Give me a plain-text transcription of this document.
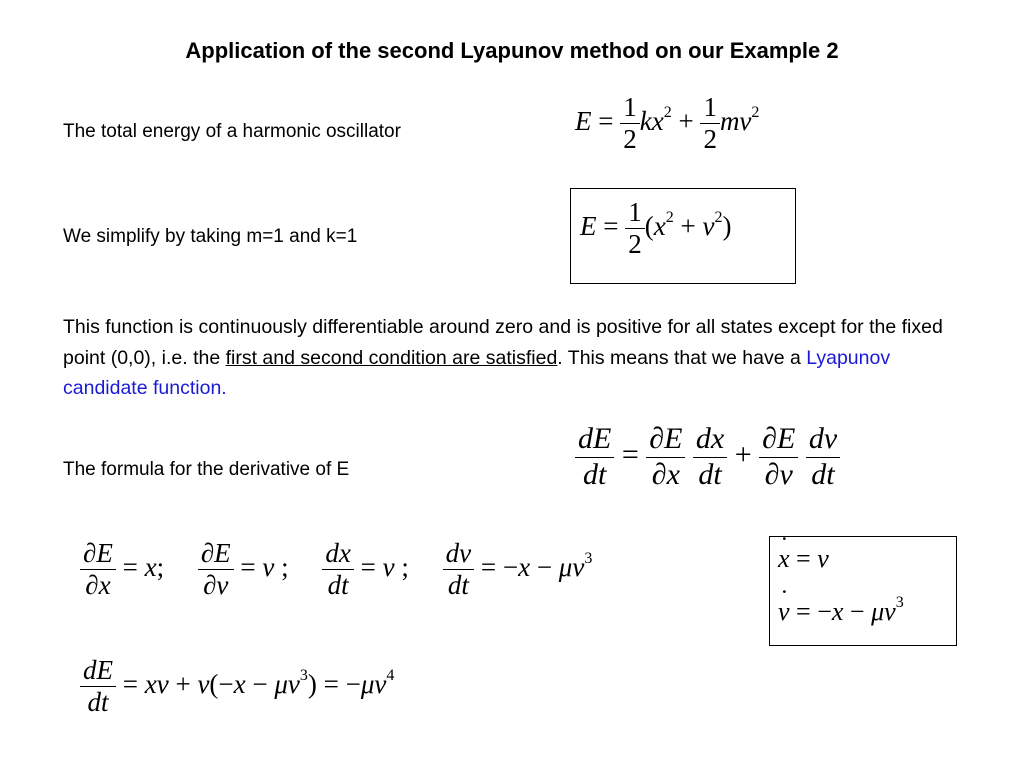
Application of the second Lyapunov method on our Example 2
The total energy of a harmonic oscillator	$E = \frac{1}{2} kx^2 + \frac{1}{2} mv^2$
We simplify by taking m=1 and k=1	$E = \frac{1}{2} (x^2 + v^2)$
This function is continuously differentiable around zero and is positive for all states except for the fixed point (0,0), i.e. the first and second condition are satisfied. This means that we have a Lyapunov candidate function.
The formula for the derivative of E	$\frac{dE}{dt} = \frac{\partial E}{\partial x}$
$\frac{dx}{dt} + \frac{\partial E}{\partial v}$
$\frac{dv}{dt}$
$\frac{\partial E}{\partial x} = x$; $\frac{\partial E}{\partial v} = v$ ; $\frac{dx}{dt} = v$ ; $\frac{dv}{dt} = -x - \mu v^3$	x ˙ = v
v ˙ = $-x - \mu v^3$
$\frac{dE}{dt}$ = xv + $v(-x - \mu v^3) = -\mu v^4$
